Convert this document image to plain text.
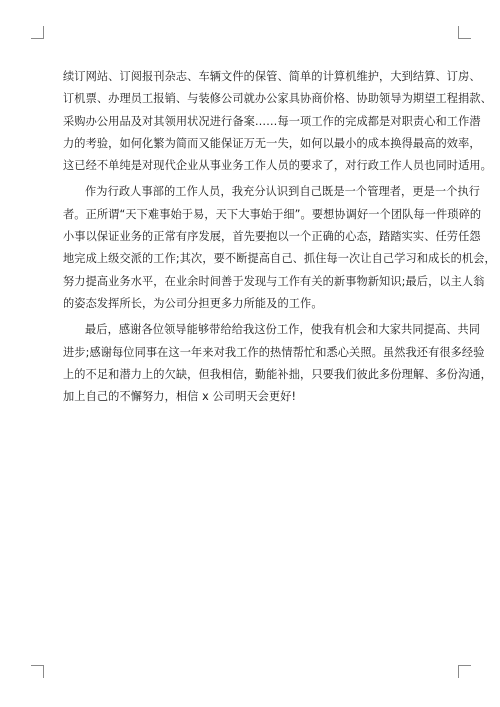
续订网站、订阅报刊杂志、车辆文件的保管、简单的计算机维护，大到结算、订房、
订机票、办理员工报销、与装修公司就办公家具协商价格、协助领导为期望工程捐款、
采购办公用品及对其领用状况进行备案……每一项工作的完成都是对职责心和工作潜
力的考验，如何化繁为简而又能保证万无一失，如何以最小的成本换得最高的效率，
这已经不单纯是对现代企业从事业务工作人员的要求了，对行政工作人员也同时适用。
作为行政人事部的工作人员，我充分认识到自己既是一个管理者，更是一个执行
者。正所谓“天下难事始于易，天下大事始于细”。要想协调好一个团队每一件琐碎的
小事以保证业务的正常有序发展，首先要抱以一个正确的心态，踏踏实实、任劳任怨
地完成上级交派的工作;其次，要不断提高自己、抓住每一次让自己学习和成长的机会，
努力提高业务水平，在业余时间善于发现与工作有关的新事物新知识;最后，以主人翁
的姿态发挥所长，为公司分担更多力所能及的工作。
最后，感谢各位领导能够带给给我这份工作，使我有机会和大家共同提高、共同
进步;感谢每位同事在这一年来对我工作的热情帮忙和悉心关照。虽然我还有很多经验
上的不足和潜力上的欠缺，但我相信，勤能补拙，只要我们彼此多份理解、多份沟通，
加上自己的不懈努力，相信 x 公司明天会更好!
